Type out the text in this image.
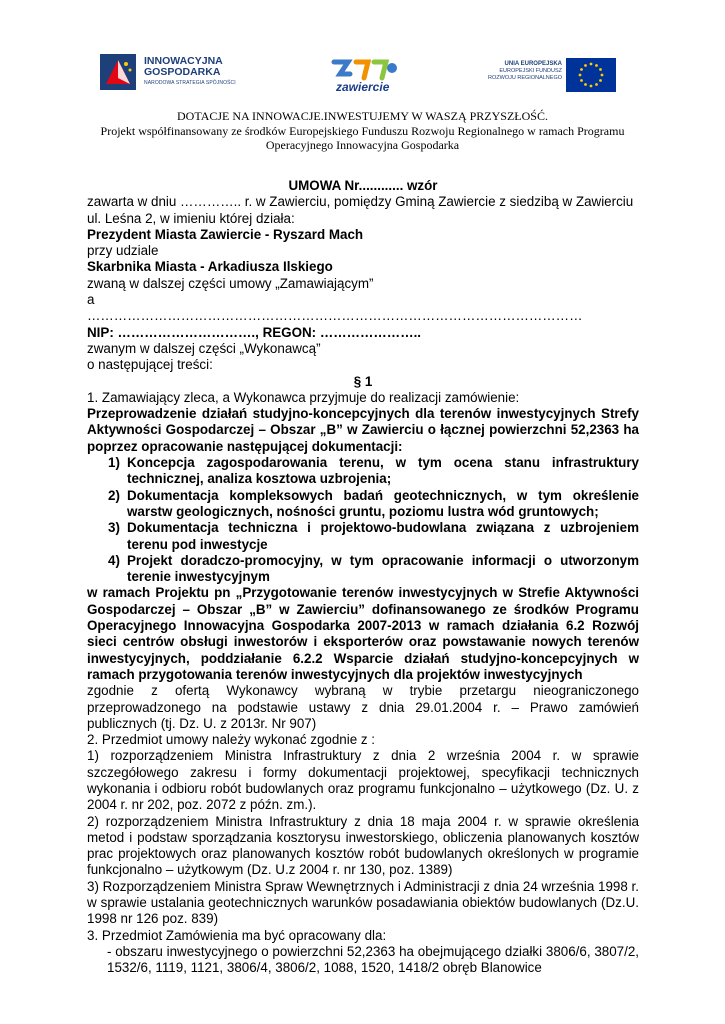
INNOWACYJNA
GOSPODARKA
NARODOWA STRATEGIA SPÓJNOŚCI	zawiercie
UNIA EUROPEJSKA
EUROPEJSKI FUNDUSZ
ROZWOJU REGIONALNEGO
DOTACJE NA INNOWACJE.INWESTUJEMY W WASZĄ PRZYSZŁOŚĆ.
Projekt współfinansowany ze środków Europejskiego Funduszu Rozwoju Regionalnego w ramach Programu
Operacyjnego Innowacyjna Gospodarka

UMOWA Nr............ wzór

zawarta w dniu ………….. r. w Zawierciu, pomiędzy Gminą Zawiercie z siedzibą w Zawierciu

ul. Leśna 2, w imieniu której działa:

Prezydent Miasta Zawiercie - Ryszard Mach

przy udziale

Skarbnika Miasta - Arkadiusza Ilskiego

zwaną w dalszej części umowy „Zamawiającym”

a

…………………………………………………………………………………………………

NIP: …………………………., REGON: …………………..

zwanym w dalszej części „Wykonawcą”

o następującej treści:

§ 1

1. Zamawiający zleca, a Wykonawca przyjmuje do realizacji zamówienie:

Przeprowadzenie działań studyjno-koncepcyjnych dla terenów inwestycyjnych Strefy Aktywności Gospodarczej – Obszar „B” w Zawierciu o łącznej powierzchni 52,2363 ha poprzez opracowanie następującej dokumentacji:

1) Koncepcja zagospodarowania terenu, w tym ocena stanu infrastruktury technicznej, analiza kosztowa uzbrojenia;
2) Dokumentacja kompleksowych badań geotechnicznych, w tym określenie warstw geologicznych, nośności gruntu, poziomu lustra wód gruntowych;
3) Dokumentacja techniczna i projektowo-budowlana związana z uzbrojeniem terenu pod inwestycje
4) Projekt doradczo-promocyjny, w tym opracowanie informacji o utworzonym terenie inwestycyjnym

w ramach Projektu pn „Przygotowanie terenów inwestycyjnych w Strefie Aktywności Gospodarczej – Obszar „B” w Zawierciu” dofinansowanego ze środków Programu Operacyjnego Innowacyjna Gospodarka 2007-2013 w ramach działania 6.2 Rozwój sieci centrów obsługi inwestorów i eksporterów oraz powstawanie nowych terenów inwestycyjnych, poddziałanie 6.2.2 Wsparcie działań studyjno-koncepcyjnych w ramach przygotowania terenów inwestycyjnych dla projektów inwestycyjnych

zgodnie z ofertą Wykonawcy wybraną w trybie przetargu nieograniczonego przeprowadzonego na podstawie ustawy z dnia 29.01.2004 r. – Prawo zamówień publicznych (tj. Dz. U. z 2013r. Nr 907)

2. Przedmiot umowy należy wykonać zgodnie z :

1) rozporządzeniem Ministra Infrastruktury z dnia 2 września 2004 r. w sprawie szczegółowego zakresu i formy dokumentacji projektowej, specyfikacji technicznych wykonania i odbioru robót budowlanych oraz programu funkcjonalno – użytkowego (Dz. U. z 2004 r. nr 202, poz. 2072 z późn. zm.).

2) rozporządzeniem Ministra Infrastruktury z dnia 18 maja 2004 r. w sprawie określenia metod i podstaw sporządzania kosztorysu inwestorskiego, obliczenia planowanych kosztów prac projektowych oraz planowanych kosztów robót budowlanych określonych w programie funkcjonalno – użytkowym (Dz. U.z 2004 r. nr 130, poz. 1389)

3) Rozporządzeniem Ministra Spraw Wewnętrznych i Administracji z dnia 24 września 1998 r. w sprawie ustalania geotechnicznych warunków posadawiania obiektów budowlanych (Dz.U. 1998 nr 126 poz. 839)

3. Przedmiot Zamówienia ma być opracowany dla:

- obszaru inwestycyjnego o powierzchni 52,2363 ha obejmującego działki 3806/6, 3807/2, 1532/6, 1119, 1121, 3806/4, 3806/2, 1088, 1520, 1418/2 obręb Blanowice
